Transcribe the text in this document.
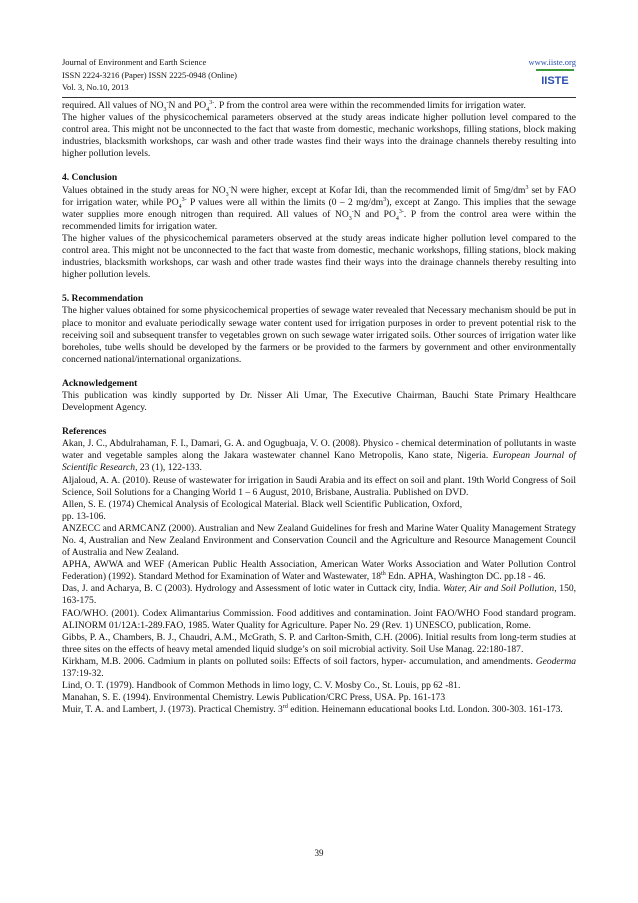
Journal of Environment and Earth Science
ISSN 2224-3216 (Paper) ISSN 2225-0948 (Online)
Vol. 3, No.10, 2013
www.iiste.org
IISTE

required. All values of $NO_3^-N$ and $PO_4^{3-}$. P from the control area were within the recommended limits for irrigation water.

The higher values of the physicochemical parameters observed at the study areas indicate higher pollution level compared to the control area. This might not be unconnected to the fact that waste from domestic, mechanic workshops, filling stations, block making industries, blacksmith workshops, car wash and other trade wastes find their ways into the drainage channels thereby resulting into higher pollution levels.

4. Conclusion

Values obtained in the study areas for $NO_3^-N$ were higher, except at Kofar Idi, than the recommended limit of $5mg/dm^3$ set by FAO for irrigation water, while $PO_4^{3-}$ P values were all within the limits (0 – 2 $mg/dm^3$), except at Zango. This implies that the sewage water supplies more enough nitrogen than required. All values of $NO_3^-N$ and $PO_4^{3-}$. P from the control area were within the recommended limits for irrigation water.

The higher values of the physicochemical parameters observed at the study areas indicate higher pollution level compared to the control area. This might not be unconnected to the fact that waste from domestic, mechanic workshops, filling stations, block making industries, blacksmith workshops, car wash and other trade wastes find their ways into the drainage channels thereby resulting into higher pollution levels.

5. Recommendation

The higher values obtained for some physicochemical properties of sewage water revealed that Necessary mechanism should be put in place to monitor and evaluate periodically sewage water content used for irrigation purposes in order to prevent potential risk to the receiving soil and subsequent transfer to vegetables grown on such sewage water irrigated soils. Other sources of irrigation water like boreholes, tube wells should be developed by the farmers or be provided to the farmers by government and other environmentally concerned national/international organizations.

Acknowledgement

This publication was kindly supported by Dr. Nisser Ali Umar, The Executive Chairman, Bauchi State Primary Healthcare Development Agency.

References

Akan, J. C., Abdulrahaman, F. I., Damari, G. A. and Ogugbuaja, V. O. (2008). Physico - chemical determination of pollutants in waste water and vegetable samples along the Jakara wastewater channel Kano Metropolis, Kano state, Nigeria. European Journal of Scientific Research, 23 (1), 122-133.

Aljaloud, A. A. (2010). Reuse of wastewater for irrigation in Saudi Arabia and its effect on soil and plant. 19th World Congress of Soil Science, Soil Solutions for a Changing World 1 – 6 August, 2010, Brisbane, Australia. Published on DVD.

Allen, S. E. (1974) Chemical Analysis of Ecological Material. Black well Scientific Publication, Oxford,
pp. 13-106.

ANZECC and ARMCANZ (2000). Australian and New Zealand Guidelines for fresh and Marine Water Quality Management Strategy No. 4, Australian and New Zealand Environment and Conservation Council and the Agriculture and Resource Management Council of Australia and New Zealand.

APHA, AWWA and WEF (American Public Health Association, American Water Works Association and Water Pollution Control Federation) (1992). Standard Method for Examination of Water and Wastewater, 18th Edn. APHA, Washington DC. pp.18 - 46.

Das, J. and Acharya, B. C (2003). Hydrology and Assessment of lotic water in Cuttack city, India. Water, Air and Soil Pollution, 150, 163-175.

FAO/WHO. (2001). Codex Alimantarius Commission. Food additives and contamination. Joint FAO/WHO Food standard program. ALINORM 01/12A:1-289.FAO, 1985. Water Quality for Agriculture. Paper No. 29 (Rev. 1) UNESCO, publication, Rome.

Gibbs, P. A., Chambers, B. J., Chaudri, A.M., McGrath, S. P. and Carlton-Smith, C.H. (2006). Initial results from long-term studies at three sites on the effects of heavy metal amended liquid sludge’s on soil microbial activity. Soil Use Manag. 22:180-187.

Kirkham, M.B. 2006. Cadmium in plants on polluted soils: Effects of soil factors, hyper- accumulation, and amendments. Geoderma 137:19-32.

Lind, O. T. (1979). Handbook of Common Methods in limo logy, C. V. Mosby Co., St. Louis, pp 62 -81.

Manahan, S. E. (1994). Environmental Chemistry. Lewis Publication/CRC Press, USA. Pp. 161-173

Muir, T. A. and Lambert, J. (1973). Practical Chemistry. 3rd edition. Heinemann educational books Ltd. London. 300-303. 161-173.

39
